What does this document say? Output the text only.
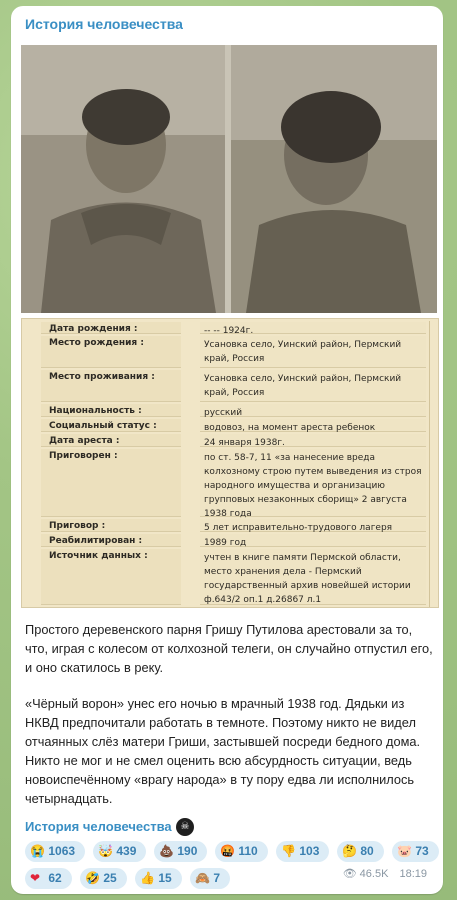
История человечества
Дата рождения :	-- -- 1924г.
Место рождения :	Усановка село, Уинский район, Пермский край, Россия
Место проживания :	Усановка село, Уинский район, Пермский край, Россия
Национальность :	русский
Социальный статус :	водовоз, на момент ареста ребенок
Дата ареста :	24 января 1938г.
Приговорен :	по ст. 58-7, 11 «за нанесение вреда колхозному строю путем выведения из строя народного имущества и организацию групповых незаконных сборищ» 2 августа 1938 года
Приговор :	5 лет исправительно-трудового лагеря
Реабилитирован :	1989 год
Источник данных :	учтен в книге памяти Пермской области, место хранения дела - Пермский государственный архив новейшей истории ф.643/2 оп.1 д.26867 л.1
Простого деревенского парня Гришу Путилова арестовали за то, что, играя с колесом от колхозной телеги, он случайно отпустил его, и оно скатилось в реку.
«Чёрный ворон» унес его ночью в мрачный 1938 год. Дядьки из НКВД предпочитали работать в темноте. Поэтому никто не видел отчаянных слёз матери Гриши, застывшей посреди бедного дома. Никто не мог и не смел оценить всю абсурдность ситуации, ведь новоиспечённому «врагу народа» в ту пору едва ли исполнилось четырнадцать.
История человечества ☠
😭 1063	🤯 439	💩 190	🤬 110	👎 103	🤔 80	🐷 73
❤ 62	🤣 25	👍 15	🙈 7	👁 46.5K 18:19
